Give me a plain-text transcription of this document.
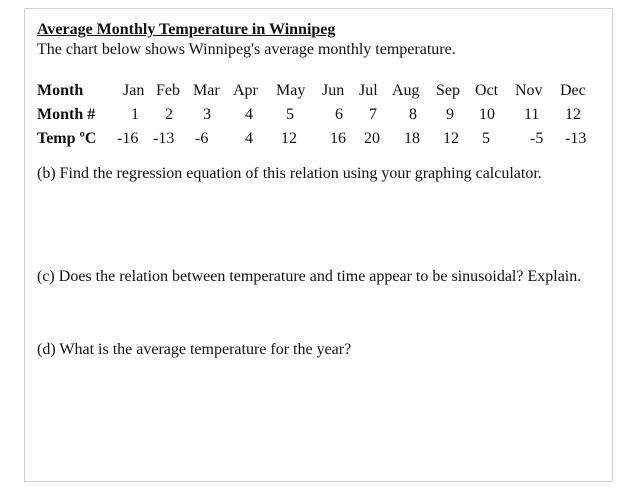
Average Monthly Temperature in Winnipeg
The chart below shows Winnipeg's average monthly temperature.
Month Jan Feb Mar Apr May Jun Jul Aug Sep Oct Nov Dec
Month # 1 2 3 4 5	6 7 8 9 10 11 12
Temp ºC -16 -13 -6 4 12 16 20 18 12 5	-5 -13
(b) Find the regression equation of this relation using your graphing calculator.
(c) Does the relation between temperature and time appear to be sinusoidal? Explain.
(d) What is the average temperature for the year?
